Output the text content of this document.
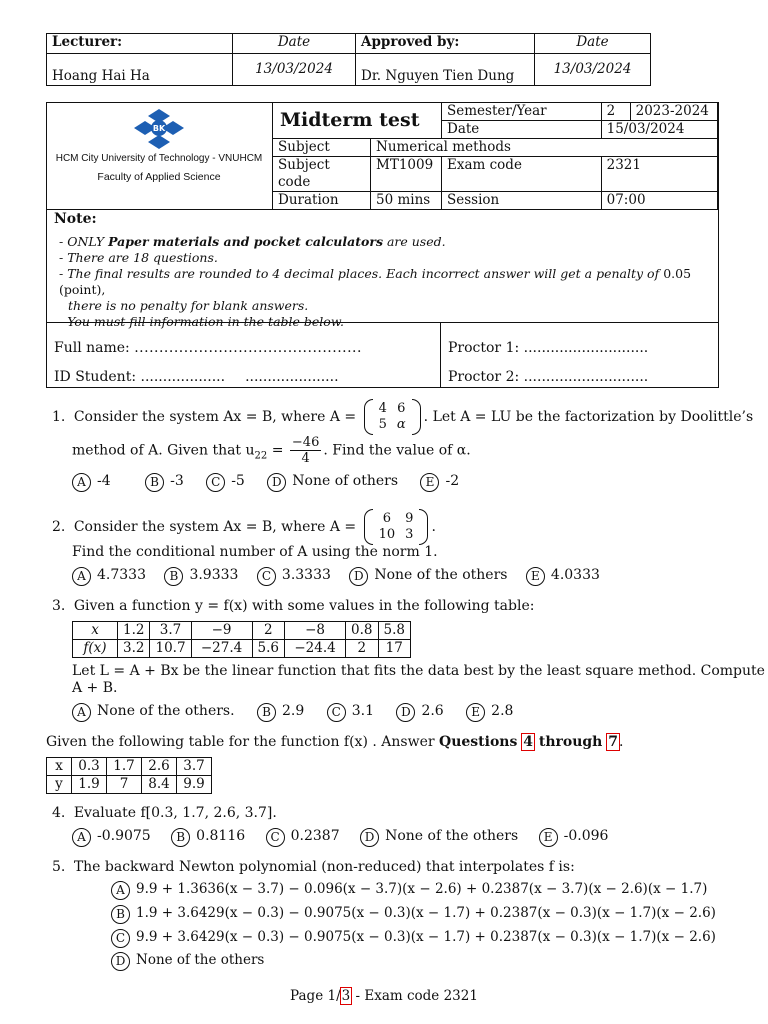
Lecturer:	Date	Approved by:	Date
Hoang Hai Ha	13/03/2024	Dr. Nguyen Tien Dung	13/03/2024
BK
HCM City University of Technology - VNUHCM
Faculty of Applied Science
Midterm test		Semester/Year	2	2023-2024
		Date	15/03/2024	
Subject	Numerical methods			
Subject
code	MT1009	Exam code	2321	
Duration	50 mins	Session	07:00	
Note:
- ONLY Paper materials and pocket calculators are used.
- There are 18 questions.
- The final results are rounded to 4 decimal places. Each incorrect answer will get a penalty of 0.05 (point),
there is no penalty for blank answers.
- You must fill information in the table below.
Full name: ..............................................
ID Student: ................... .....................
Proctor 1: ............................
Proctor 2: ............................
1. Consider the system Ax = B, where A =
4	6
5	α . Let A = LU be the factorization by Doolittle’s
method of A. Given that $u_{22} = \frac{-46}{4}$ . Find the value of α.
A -4	B -3 C -5 D None of others E -2
2. Consider the system Ax = B, where A =
6	9
10	3 .
Find the conditional number of A using the norm 1.
A 4.7333 B 3.9333 C 3.3333 D None of the others E 4.0333
3. Given a function y = f(x) with some values in the following table:
x	1.2	3.7	−9	2	−8	0.8	5.8
f(x)	3.2	10.7	−27.4	5.6	−24.4	2	17
Let L = A + Bx be the linear function that fits the data best by the least square method. Compute
A + B.
A None of the others. B 2.9 C 3.1 D 2.6 E 2.8
Given the following table for the function f(x) . Answer Questions 4 through 7.
x	0.3	1.7	2.6	3.7
y	1.9	7	8.4	9.9
4. Evaluate f[0.3, 1.7, 2.6, 3.7].
A -0.9075 B 0.8116 C 0.2387 D None of the others E -0.096
5. The backward Newton polynomial (non-reduced) that interpolates f is:
A 9.9 + 1.3636(x − 3.7) − 0.096(x − 3.7)(x − 2.6) + 0.2387(x − 3.7)(x − 2.6)(x − 1.7)
B 1.9 + 3.6429(x − 0.3) − 0.9075(x − 0.3)(x − 1.7) + 0.2387(x − 0.3)(x − 1.7)(x − 2.6)
C 9.9 + 3.6429(x − 0.3) − 0.9075(x − 0.3)(x − 1.7) + 0.2387(x − 0.3)(x − 1.7)(x − 2.6)
D None of the others
Page 1/3 - Exam code 2321
